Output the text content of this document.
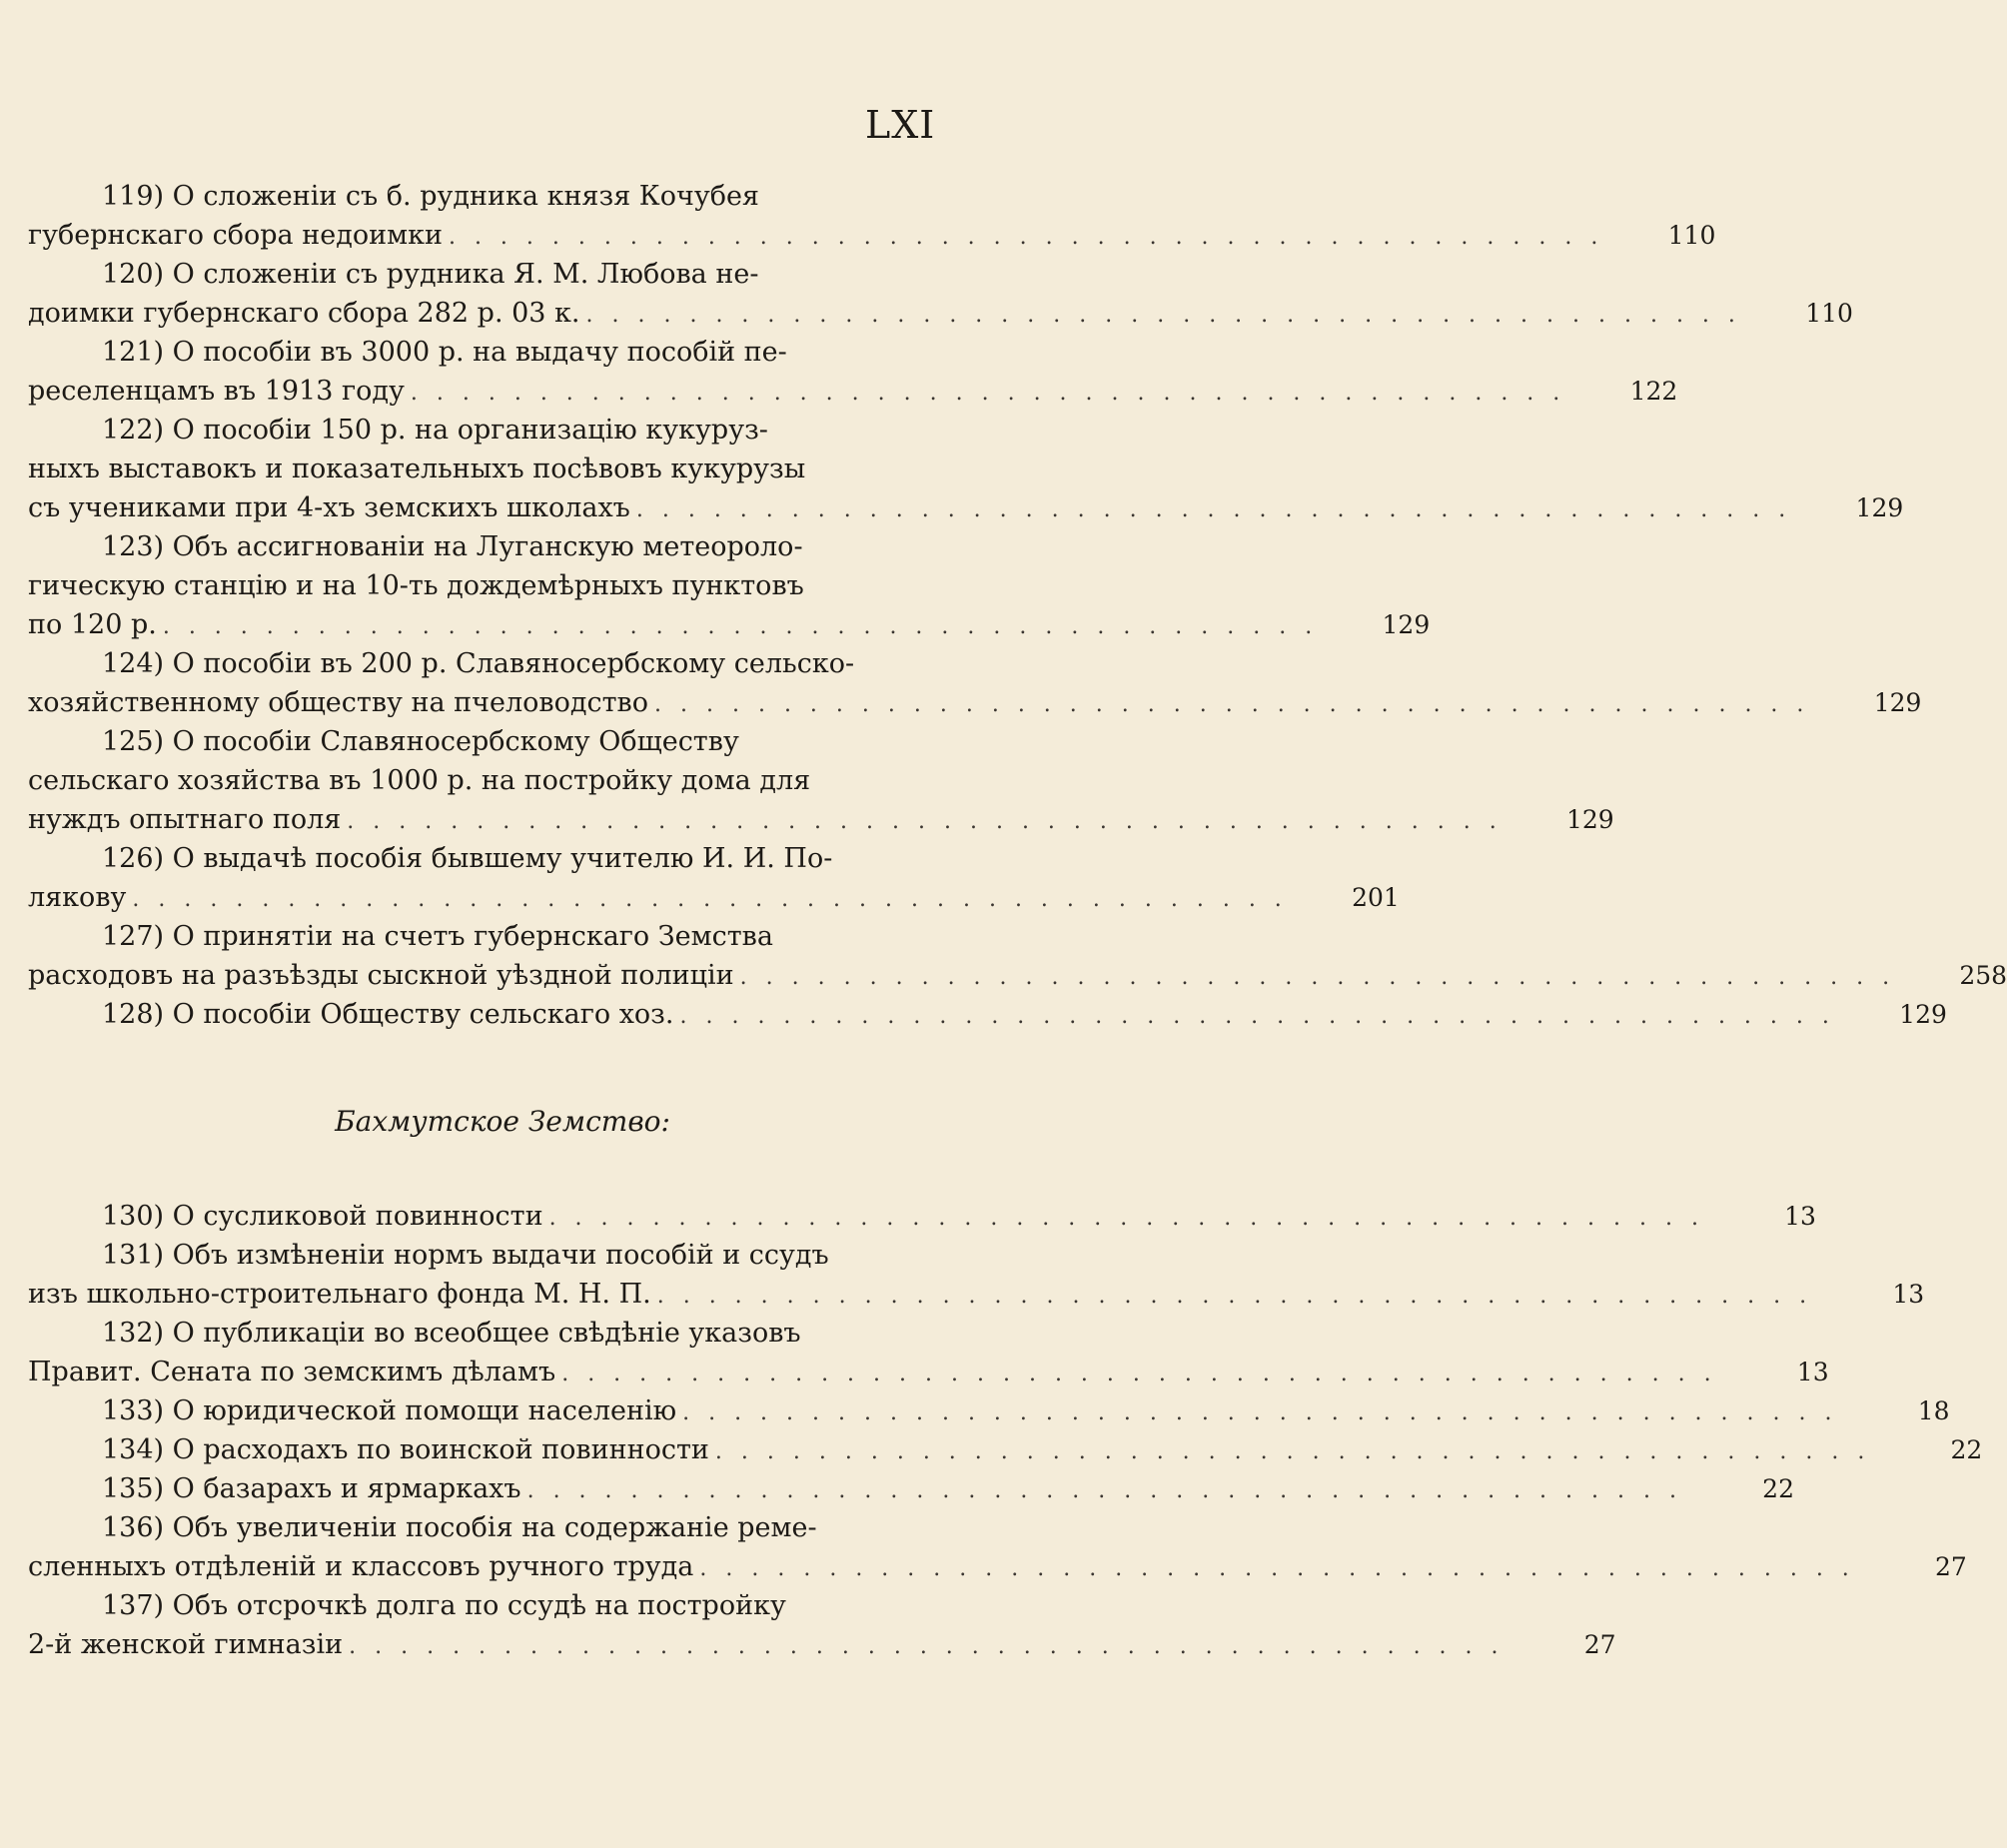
LXI
119) О сложеніи съ б. рудника князя Кочубея
губернскаго сбора недоимки . . . . . . . . . . . . . . . . . . . . . . . . . . . . . . . . . . . . . . . . . . . . .	110
120) О сложеніи съ рудника Я. М. Любова не-
доимки губернскаго сбора 282 р. 03 к. . . . . . . . . . . . . . . . . . . . . . . . . . . . . . . . . . . . . . . . . . . . . .	110
121) О пособіи въ 3000 р. на выдачу пособій пе-
реселенцамъ въ 1913 году . . . . . . . . . . . . . . . . . . . . . . . . . . . . . . . . . . . . . . . . . . . . .	122
122) О пособіи 150 р. на организацію кукуруз-
ныхъ выставокъ и показательныхъ посѣвовъ кукурузы
съ учениками при 4-хъ земскихъ школахъ . . . . . . . . . . . . . . . . . . . . . . . . . . . . . . . . . . . . . . . . . . . . .	129
123) Объ ассигнованіи на Луганскую метеороло-
гическую станцію и на 10-ть дождемѣрныхъ пунктовъ
по 120 р. . . . . . . . . . . . . . . . . . . . . . . . . . . . . . . . . . . . . . . . . . . . . .	129
124) О пособіи въ 200 р. Славяносербскому сельско-
хозяйственному обществу на пчеловодство . . . . . . . . . . . . . . . . . . . . . . . . . . . . . . . . . . . . . . . . . . . . .	129
125) О пособіи Славяносербскому Обществу
сельскаго хозяйства въ 1000 р. на постройку дома для
нуждъ опытнаго поля . . . . . . . . . . . . . . . . . . . . . . . . . . . . . . . . . . . . . . . . . . . . .	129
126) О выдачѣ пособія бывшему учителю И. И. По-
лякову . . . . . . . . . . . . . . . . . . . . . . . . . . . . . . . . . . . . . . . . . . . . .	201
127) О принятіи на счетъ губернскаго Земства
расходовъ на разъѣзды сыскной уѣздной полиціи . . . . . . . . . . . . . . . . . . . . . . . . . . . . . . . . . . . . . . . . . . . . .	258
128) О пособіи Обществу сельскаго хоз. . . . . . . . . . . . . . . . . . . . . . . . . . . . . . . . . . . . . . . . . . . . . .	129
Бахмутское Земство:
130) О сусликовой повинности . . . . . . . . . . . . . . . . . . . . . . . . . . . . . . . . . . . . . . . . . . . . .	13
131) Объ измѣненіи нормъ выдачи пособій и ссудъ
изъ школьно-строительнаго фонда М. Н. П. . . . . . . . . . . . . . . . . . . . . . . . . . . . . . . . . . . . . . . . . . . . . .	13
132) О публикаціи во всеобщее свѣдѣніе указовъ
Правит. Сената по земскимъ дѣламъ . . . . . . . . . . . . . . . . . . . . . . . . . . . . . . . . . . . . . . . . . . . . .	13
133) О юридической помощи населенію . . . . . . . . . . . . . . . . . . . . . . . . . . . . . . . . . . . . . . . . . . . . .	18
134) О расходахъ по воинской повинности . . . . . . . . . . . . . . . . . . . . . . . . . . . . . . . . . . . . . . . . . . . . .	22
135) О базарахъ и ярмаркахъ . . . . . . . . . . . . . . . . . . . . . . . . . . . . . . . . . . . . . . . . . . . . .	22
136) Объ увеличеніи пособія на содержаніе реме-
сленныхъ отдѣленій и классовъ ручного труда . . . . . . . . . . . . . . . . . . . . . . . . . . . . . . . . . . . . . . . . . . . . .	27
137) Объ отсрочкѣ долга по ссудѣ на постройку
2-й женской гимназіи . . . . . . . . . . . . . . . . . . . . . . . . . . . . . . . . . . . . . . . . . . . . .	27
